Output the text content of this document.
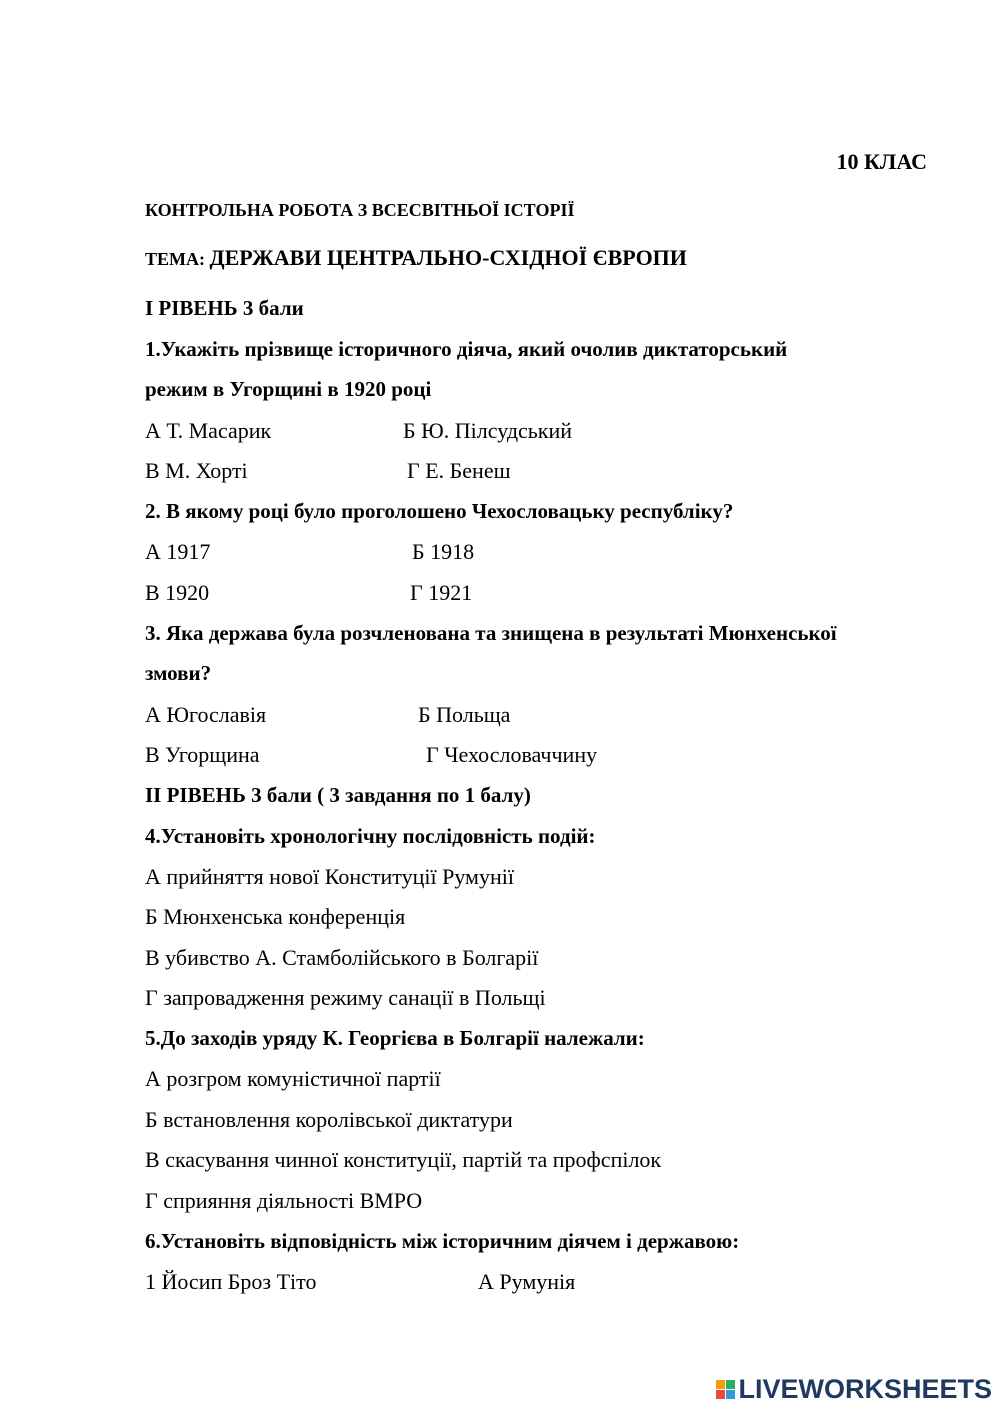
10 КЛАС
КОНТРОЛЬНА РОБОТА З ВСЕСВІТНЬОЇ ІСТОРІЇ
ТЕМА: ДЕРЖАВИ ЦЕНТРАЛЬНО-СХІДНОЇ ЄВРОПИ
I РІВЕНЬ 3 бали
1.Укажіть прізвище історичного діяча, який очолив диктаторський
режим в Угорщині в 1920 році
А Т. Масарик	Б Ю. Пілсудський
В М. Хорті	Г Е. Бенеш
2. В якому році було проголошено Чехословацьку республіку?
А 1917	Б 1918
В 1920	Г 1921
3. Яка держава була розчленована та знищена в результаті Мюнхенської
змови?
А Югославія	Б Польща
В Угорщина	Г Чехословаччину
II РІВЕНЬ 3 бали ( 3 завдання по 1 балу)
4.Установіть хронологічну послідовність подій:
А прийняття нової Конституції Румунії
Б Мюнхенська конференція
В убивство А. Стамболійського в Болгарії
Г запровадження режиму санації в Польщі
5.До заходів уряду К. Георгієва в Болгарії належали:
А розгром комуністичної партії
Б встановлення королівської диктатури
В скасування чинної конституції, партій та профспілок
Г сприяння діяльності ВМРО
6.Установіть відповідність між історичним діячем і державою:
1 Йосип Броз Тіто	А Румунія
LIVEWORKSHEETS
